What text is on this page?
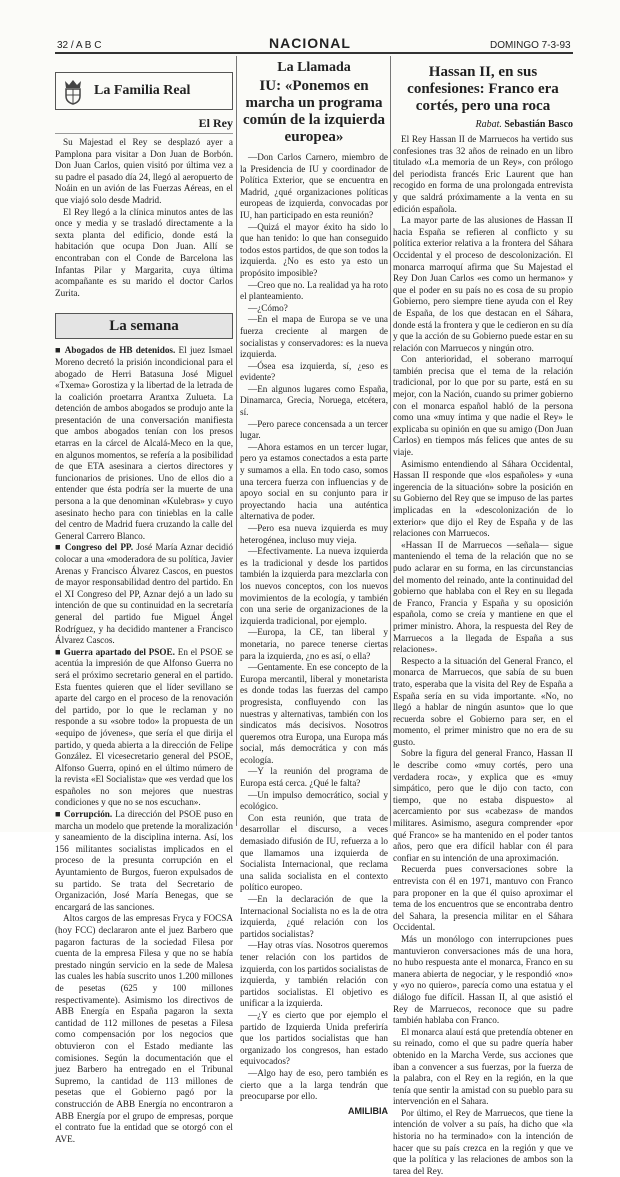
32 / A B C	NACIONAL	DOMINGO 7-3-93
La Familia Real
El Rey

Su Majestad el Rey se desplazó ayer a Pamplona para visitar a Don Juan de Borbón. Don Juan Carlos, quien visitó por última vez a su padre el pasado día 24, llegó al aeropuerto de Noáin en un avión de las Fuerzas Aéreas, en el que viajó solo desde Madrid.

El Rey llegó a la clínica minutos antes de las once y media y se trasladó directamente a la sexta planta del edificio, donde está la habitación que ocupa Don Juan. Allí se encontraban con el Conde de Barcelona las Infantas Pilar y Margarita, cuya última acompañante es su marido el doctor Carlos Zurita.

La semana

■ Abogados de HB detenidos. El juez Ismael Moreno decretó la prisión incondicional para el abogado de Herri Batasuna José Miguel «Txema» Gorostiza y la libertad de la letrada de la coalición proetarra Arantxa Zulueta. La detención de ambos abogados se produjo ante la presentación de una conversación manifiesta que ambos abogados tenían con los presos etarras en la cárcel de Alcalá-Meco en la que, en algunos momentos, se refería a la posibilidad de que ETA asesinara a ciertos directores y funcionarios de prisiones. Uno de ellos dio a entender que ésta podría ser la muerte de una persona a la que denominan «Kulebras» y cuyo asesinato hecho para con tinieblas en la calle del centro de Madrid fuera cruzando la calle del General Carrero Blanco.

■ Congreso del PP. José María Aznar decidió colocar a una «moderadora de su política, Javier Arenas y Francisco Álvarez Cascos, en puestos de mayor responsabilidad dentro del partido. En el XI Congreso del PP, Aznar dejó a un lado su intención de que su continuidad en la secretaría general del partido fue Miguel Ángel Rodríguez, y ha decidido mantener a Francisco Álvarez Cascos.

■ Guerra apartado del PSOE. En el PSOE se acentúa la impresión de que Alfonso Guerra no será el próximo secretario general en el partido. Esta fuentes quieren que el líder sevillano se aparte del cargo en el proceso de la renovación del partido, por lo que le reclaman y no responde a su «sobre todo» la propuesta de un «equipo de jóvenes», que sería el que dirija el partido, y queda abierta a la dirección de Felipe González. El vicesecretario general del PSOE, Alfonso Guerra, opinó en el último número de la revista «El Socialista» que «es verdad que los españoles no son mejores que nuestras condiciones y que no se nos escuchan».

■ Corrupción. La dirección del PSOE puso en marcha un modelo que pretende la moralización y saneamiento de la disciplina interna. Así, los 156 militantes socialistas implicados en el proceso de la presunta corrupción en el Ayuntamiento de Burgos, fueron expulsados de su partido. Se trata del Secretario de Organización, José María Benegas, que se encargará de las sanciones.

Altos cargos de las empresas Fryca y FOCSA (hoy FCC) declararon ante el juez Barbero que pagaron facturas de la sociedad Filesa por cuenta de la empresa Filesa y que no se había prestado ningún servicio en la sede de Malesa las cuales les había suscrito unos 1.200 millones de pesetas (625 y 100 millones respectivamente). Asimismo los directivos de ABB Energía en España pagaron la sexta cantidad de 112 millones de pesetas a Filesa como compensación por los negocios que obtuvieron con el Estado mediante las comisiones. Según la documentación que el juez Barbero ha entregado en el Tribunal Supremo, la cantidad de 113 millones de pesetas que el Gobierno pagó por la construcción de ABB Energía no encontraron a ABB Energía por el grupo de empresas, porque el contrato fue la entidad que se otorgó con el AVE.

La Llamada
IU: «Ponemos en marcha un programa común de la izquierda europea»

—Don Carlos Carnero, miembro de la Presidencia de IU y coordinador de Política Exterior, que se encuentra en Madrid, ¿qué organizaciones políticas europeas de izquierda, convocadas por IU, han participado en esta reunión?

—Quizá el mayor éxito ha sido lo que han tenido: lo que han conseguido todos estos partidos, de que son todos la izquierda. ¿No es esto ya esto un propósito imposible?

—Creo que no. La realidad ya ha roto el planteamiento.

—¿Cómo?

—En el mapa de Europa se ve una fuerza creciente al margen de socialistas y conservadores: es la nueva izquierda.

—Ósea esa izquierda, sí, ¿eso es evidente?

—En algunos lugares como España, Dinamarca, Grecia, Noruega, etcétera, sí.

—Pero parece concensada a un tercer lugar.

—Ahora estamos en un tercer lugar, pero ya estamos conectados a esta parte y sumamos a ella. En todo caso, somos una tercera fuerza con influencias y de apoyo social en su conjunto para ir proyectando hacia una auténtica alternativa de poder.

—Pero esa nueva izquierda es muy heterogénea, incluso muy vieja.

—Efectivamente. La nueva izquierda es la tradicional y desde los partidos también la izquierda para mezclarla con los nuevos conceptos, con los nuevos movimientos de la ecología, y también con una serie de organizaciones de la izquierda tradicional, por ejemplo.

—Europa, la CE, tan liberal y monetaria, no parece tenerse ciertas para la izquierda, ¿no es así, o ella?

—Gentamente. En ese concepto de la Europa mercantil, liberal y monetarista es donde todas las fuerzas del campo progresista, confluyendo con las nuestras y alternativas, también con los sindicatos más decisivos. Nosotros queremos otra Europa, una Europa más social, más democrática y con más ecología.

—Y la reunión del programa de Europa está cerca. ¿Qué le falta?

—Un impulso democrático, social y ecológico.

Con esta reunión, que trata de desarrollar el discurso, a veces demasiado difusión de IU, refuerza a lo que llamamos una izquierda de Socialista Internacional, que reclama una salida socialista en el contexto político europeo.

—En la declaración de que la Internacional Socialista no es la de otra izquierda, ¿qué relación con los partidos socialistas?

—Hay otras vías. Nosotros queremos tener relación con los partidos de izquierda, con los partidos socialistas de izquierda, y también relación con partidos socialistas. El objetivo es unificar a la izquierda.

—¿Y es cierto que por ejemplo el partido de Izquierda Unida preferiría que los partidos socialistas que han organizado los congresos, han estado equivocados?

—Algo hay de eso, pero también es cierto que a la larga tendrán que preocuparse por ello.

AMILIBIA
Hassan II, en sus confesiones: Franco era cortés, pero una roca
Rabat. Sebastián Basco

El Rey Hassan II de Marruecos ha vertido sus confesiones tras 32 años de reinado en un libro titulado «La memoria de un Rey», con prólogo del periodista francés Eric Laurent que han recogido en forma de una prolongada entrevista y que saldrá próximamente a la venta en su edición española.

La mayor parte de las alusiones de Hassan II hacia España se refieren al conflicto y su política exterior relativa a la frontera del Sáhara Occidental y el proceso de descolonización. El monarca marroquí afirma que Su Majestad el Rey Don Juan Carlos «es como un hermano» y que el poder en su país no es cosa de su propio Gobierno, pero siempre tiene ayuda con el Rey de España, de los que destacan en el Sáhara, donde está la frontera y que le cedieron en su día y que la acción de su Gobierno puede estar en su relación con Marruecos y ningún otro.

Con anterioridad, el soberano marroquí también precisa que el tema de la relación tradicional, por lo que por su parte, está en su mejor, con la Nación, cuando su primer gobierno con el monarca español habló de la persona como una «muy íntima y que nadie el Rey» le explicaba su opinión en que su amigo (Don Juan Carlos) en tiempos más felices que antes de su viaje.

Asimismo entendiendo al Sáhara Occidental, Hassan II responde que «los españoles» y «una ingerencia de la situación» sobre la posición en su Gobierno del Rey que se impuso de las partes implicadas en la «descolonización de lo exterior» que dijo el Rey de España y de las relaciones con Marruecos.

«Hassan II de Marruecos —señala— sigue manteniendo el tema de la relación que no se pudo aclarar en su forma, en las circunstancias del momento del reinado, ante la continuidad del gobierno que hablaba con el Rey en su llegada de Franco, Francia y España y su oposición española, como se creía y mantiene en que el primer ministro. Ahora, la respuesta del Rey de Marruecos a la llegada de España a sus relaciones».

Respecto a la situación del General Franco, el monarca de Marruecos, que sabía de su buen trato, esperaba que la visita del Rey de España a España sería en su vida importante. «No, no llegó a hablar de ningún asunto» que lo que recuerda sobre el Gobierno para ser, en el momento, el primer ministro que no era de su gusto.

Sobre la figura del general Franco, Hassan II le describe como «muy cortés, pero una verdadera roca», y explica que es «muy simpático, pero que le dijo con tacto, con tiempo, que no estaba dispuesto» al acercamiento por sus «cabezas» de mandos militares. Asimismo, asegura comprender «por qué Franco» se ha mantenido en el poder tantos años, pero que era difícil hablar con él para confiar en su intención de una aproximación.

Recuerda pues conversaciones sobre la entrevista con él en 1971, mantuvo con Franco para proponer en la que él quiso aproximar el tema de los encuentros que se encontraba dentro del Sahara, la presencia militar en el Sáhara Occidental.

Más un monólogo con interrupciones pues mantuvieron conversaciones más de una hora, no hubo respuesta ante el monarca, Franco en su manera abierta de negociar, y le respondió «no» y «yo no quiero», parecía como una estatua y el diálogo fue difícil. Hassan II, al que asistió el Rey de Marruecos, reconoce que su padre también hablaba con Franco.

El monarca alauí está que pretendía obtener en su reinado, como el que su padre quería haber obtenido en la Marcha Verde, sus acciones que iban a convencer a sus fuerzas, por la fuerza de la palabra, con el Rey en la región, en la que tenía que sentir la amistad con su pueblo para su intervención en el Sahara.

Por último, el Rey de Marruecos, que tiene la intención de volver a su país, ha dicho que «la historia no ha terminado» con la intención de hacer que su país crezca en la región y que ve que la política y las relaciones de ambos son la tarea del Rey.
